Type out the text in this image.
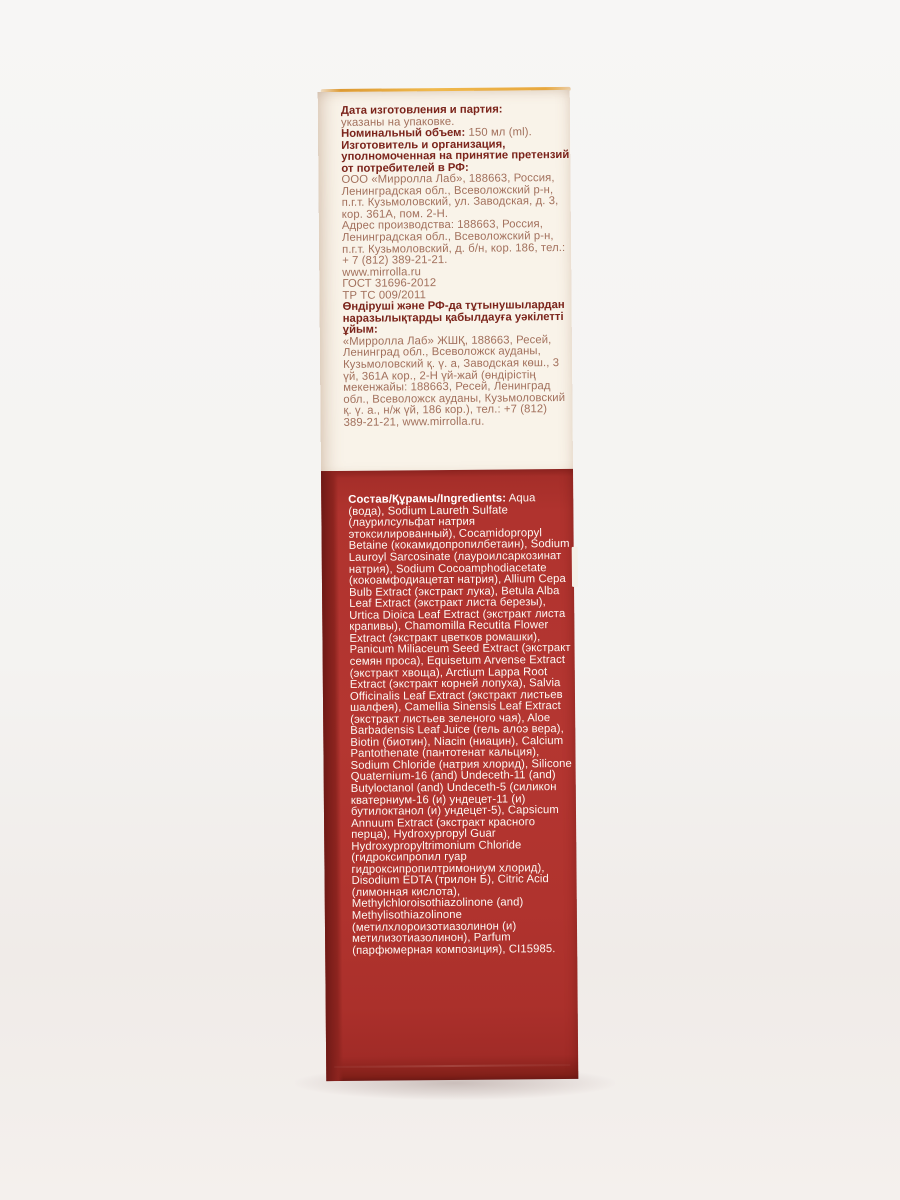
Дата изготовления и партия:
указаны на упаковке.

Номинальный объем: 150 мл (ml).

Изготовитель и организация, уполномоченная на принятие претензий от потребителей в РФ:
ООО «Мирролла Лаб», 188663, Россия, Ленинградская обл., Всеволожский р-н, п.г.т. Кузьмоловский, ул. Заводская, д. 3, кор. 361А, пом. 2-Н.

Адрес производства: 188663, Россия, Ленинградская обл., Всеволожский р-н, п.г.т. Кузьмоловский, д. б/н, кор. 186, тел.: + 7 (812) 389-21-21.

www.mirrolla.ru

ГОСТ 31696-2012

ТР ТС 009/2011

Өндіруші және РФ-да тұтынушылардан наразылықтарды қабылдауға уәкілетті ұйым:
«Мирролла Лаб» ЖШҚ, 188663, Ресей, Ленинград обл., Всеволожск ауданы, Кузьмоловский қ. ү. а, Заводская көш., 3 үй, 361А кор., 2-Н үй-жай (өндірістің мекенжайы: 188663, Ресей, Ленинград обл., Всеволожск ауданы, Кузьмоловский қ. ү. а., н/ж үй, 186 кор.), тел.: +7 (812) 389-21-21, www.mirrolla.ru.

Состав/Құрамы/Ingredients: Aqua (вода), Sodium Laureth Sulfate (лаурилсульфат натрия этоксилированный), Cocamidopropyl Betaine (кокамидопропилбетаин), Sodium Lauroyl Sarcosinate (лауроилсаркозинат натрия), Sodium Cocoamphodiacetate (кокоамфодиацетат натрия), Allium Cepa Bulb Extract (экстракт лука), Betula Alba Leaf Extract (экстракт листа березы), Urtica Dioica Leaf Extract (экстракт листа крапивы), Chamomilla Recutita Flower Extract (экстракт цветков ромашки), Panicum Miliaceum Seed Extract (экстракт семян проса), Equisetum Arvense Extract (экстракт хвоща), Arctium Lappa Root Extract (экстракт корней лопуха), Salvia Officinalis Leaf Extract (экстракт листьев шалфея), Camellia Sinensis Leaf Extract (экстракт листьев зеленого чая), Aloe Barbadensis Leaf Juice (гель алоэ вера), Biotin (биотин), Niacin (ниацин), Calcium Pantothenate (пантотенат кальция), Sodium Chloride (натрия хлорид), Silicone Quaternium-16 (and) Undeceth-11 (and) Butyloctanol (and) Undeceth-5 (силикон кватерниум-16 (и) ундецет-11 (и) бутилоктанол (и) ундецет-5), Capsicum Annuum Extract (экстракт красного перца), Hydroxypropyl Guar Hydroxypropyltrimonium Chloride (гидроксипропил гуар гидроксипропилтримониум хлорид), Disodium EDTA (трилон Б), Citric Acid (лимонная кислота), Methylchloroisothiazolinone (and) Methylisothiazolinone (метилхлороизотиазолинон (и) метилизотиазолинон), Parfum (парфюмерная композиция), CI15985.
